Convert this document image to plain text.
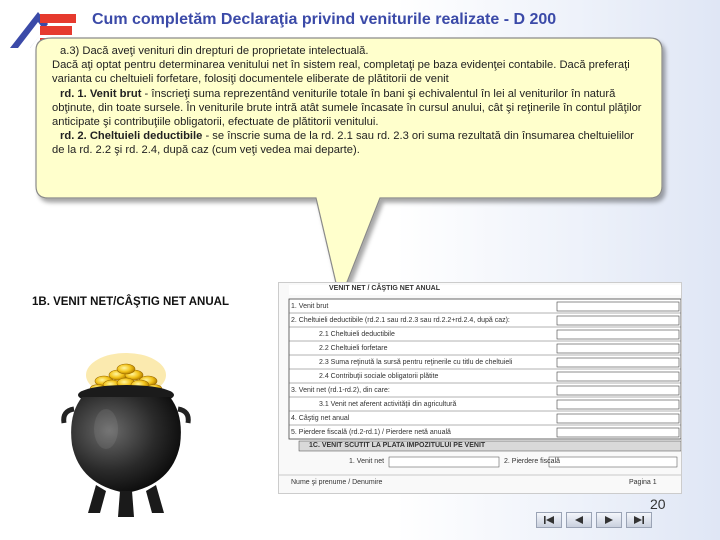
Cum completăm Declaraţia privind veniturile realizate - D 200

a.3) Dacă aveţi venituri din drepturi de proprietate intelectuală.

Dacă aţi optat pentru determinarea venitului net în sistem real, completaţi pe baza evidenţei contabile. Dacă preferaţi varianta cu cheltuieli forfetare, folosiţi documentele eliberate de plătitorii de venit

rd. 1. Venit brut - înscrieţi suma reprezentând veniturile totale în bani şi echivalentul în lei al veniturilor în natură obţinute, din toate sursele. În veniturile brute intră atât sumele încasate în cursul anului, cât şi reţinerile în contul plăţilor anticipate şi contribuţiile obligatorii, efectuate de plătitorii venitului.

rd. 2. Cheltuieli deductibile - se înscrie suma de la rd. 2.1 sau rd. 2.3 ori suma rezultată din însumarea cheltuielilor de la rd. 2.2 şi rd. 2.4, după caz (cum veţi vedea mai departe).

1B. VENIT NET/CÂŞTIG NET ANUAL
VENIT NET / CÂŞTIG NET ANUAL
1. Venit brut
2. Cheltuieli deductibile (rd.2.1 sau rd.2.3 sau rd.2.2+rd.2.4, după caz):
2.1 Cheltuieli deductibile
2.2 Cheltuieli forfetare
2.3 Suma reţinută la sursă pentru reţinerile cu titlu de cheltuieli
2.4 Contribuţii sociale obligatorii plătite
3. Venit net (rd.1-rd.2), din care:
3.1 Venit net aferent activităţii din agricultură
4. Câştig net anual
5. Pierdere fiscală (rd.2-rd.1) / Pierdere netă anuală
1C. VENIT SCUTIT LA PLATA IMPOZITULUI PE VENIT
1. Venit net	2. Pierdere fiscală
Nume şi prenume / Denumire	Pagina 1
20
